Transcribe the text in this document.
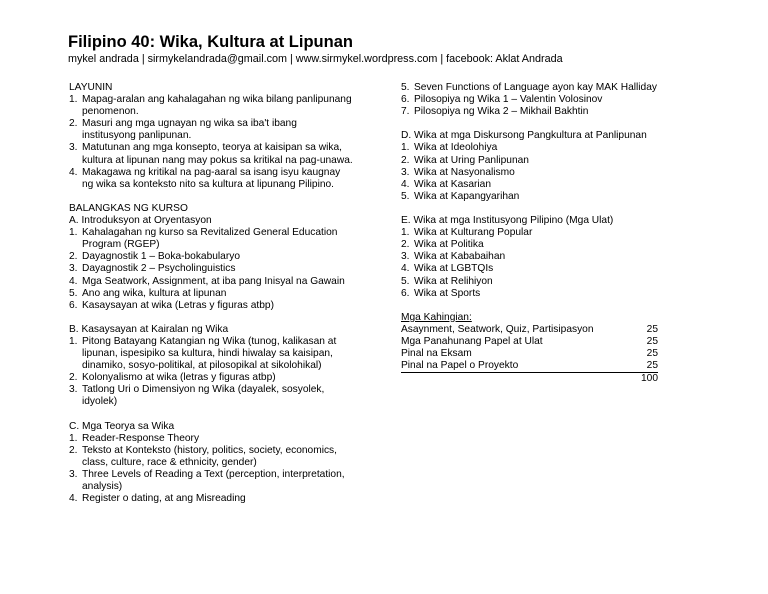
Filipino 40: Wika, Kultura at Lipunan
mykel andrada | sirmykelandrada@gmail.com | www.sirmykel.wordpress.com | facebook: Aklat Andrada
LAYUNIN
1. Mapag-aralan ang kahalagahan ng wika bilang panlipunang
penomenon.
2. Masuri ang mga ugnayan ng wika sa iba't ibang
institusyong panlipunan.
3. Matutunan ang mga konsepto, teorya at kaisipan sa wika,
kultura at lipunan nang may pokus sa kritikal na pag-unawa.
4. Makagawa ng kritikal na pag-aaral sa isang isyu kaugnay
ng wika sa konteksto nito sa kultura at lipunang Pilipino.
BALANGKAS NG KURSO
A. Introduksyon at Oryentasyon
1. Kahalagahan ng kurso sa Revitalized General Education
Program (RGEP)
2. Dayagnostik 1 – Boka-bokabularyo
3. Dayagnostik 2 – Psycholinguistics
4. Mga Seatwork, Assignment, at iba pang Inisyal na Gawain
5. Ano ang wika, kultura at lipunan
6. Kasaysayan at wika (Letras y figuras atbp)
B. Kasaysayan at Kairalan ng Wika
1. Pitong Batayang Katangian ng Wika (tunog, kalikasan at
lipunan, ispesipiko sa kultura, hindi hiwalay sa kaisipan,
dinamiko, sosyo-politikal, at pilosopikal at sikolohikal)
2. Kolonyalismo at wika (letras y figuras atbp)
3. Tatlong Uri o Dimensiyon ng Wika (dayalek, sosyolek,
idyolek)
C. Mga Teorya sa Wika
1. Reader-Response Theory
2. Teksto at Konteksto (history, politics, society, economics,
class, culture, race & ethnicity, gender)
3. Three Levels of Reading a Text (perception, interpretation,
analysis)
4. Register o dating, at ang Misreading
5. Seven Functions of Language ayon kay MAK Halliday
6. Pilosopiya ng Wika 1 – Valentin Volosinov
7. Pilosopiya ng Wika 2 – Mikhail Bakhtin
D. Wika at mga Diskursong Pangkultura at Panlipunan
1. Wika at Ideolohiya
2. Wika at Uring Panlipunan
3. Wika at Nasyonalismo
4. Wika at Kasarian
5. Wika at Kapangyarihan
E. Wika at mga Institusyong Pilipino (Mga Ulat)
1. Wika at Kulturang Popular
2. Wika at Politika
3. Wika at Kababaihan
4. Wika at LGBTQIs
5. Wika at Relihiyon
6. Wika at Sports
Mga Kahingian:
Asaynment, Seatwork, Quiz, Partisipasyon	25
Mga Panahunang Papel at Ulat	25
Pinal na Eksam	25
Pinal na Papel o Proyekto	25
	100
